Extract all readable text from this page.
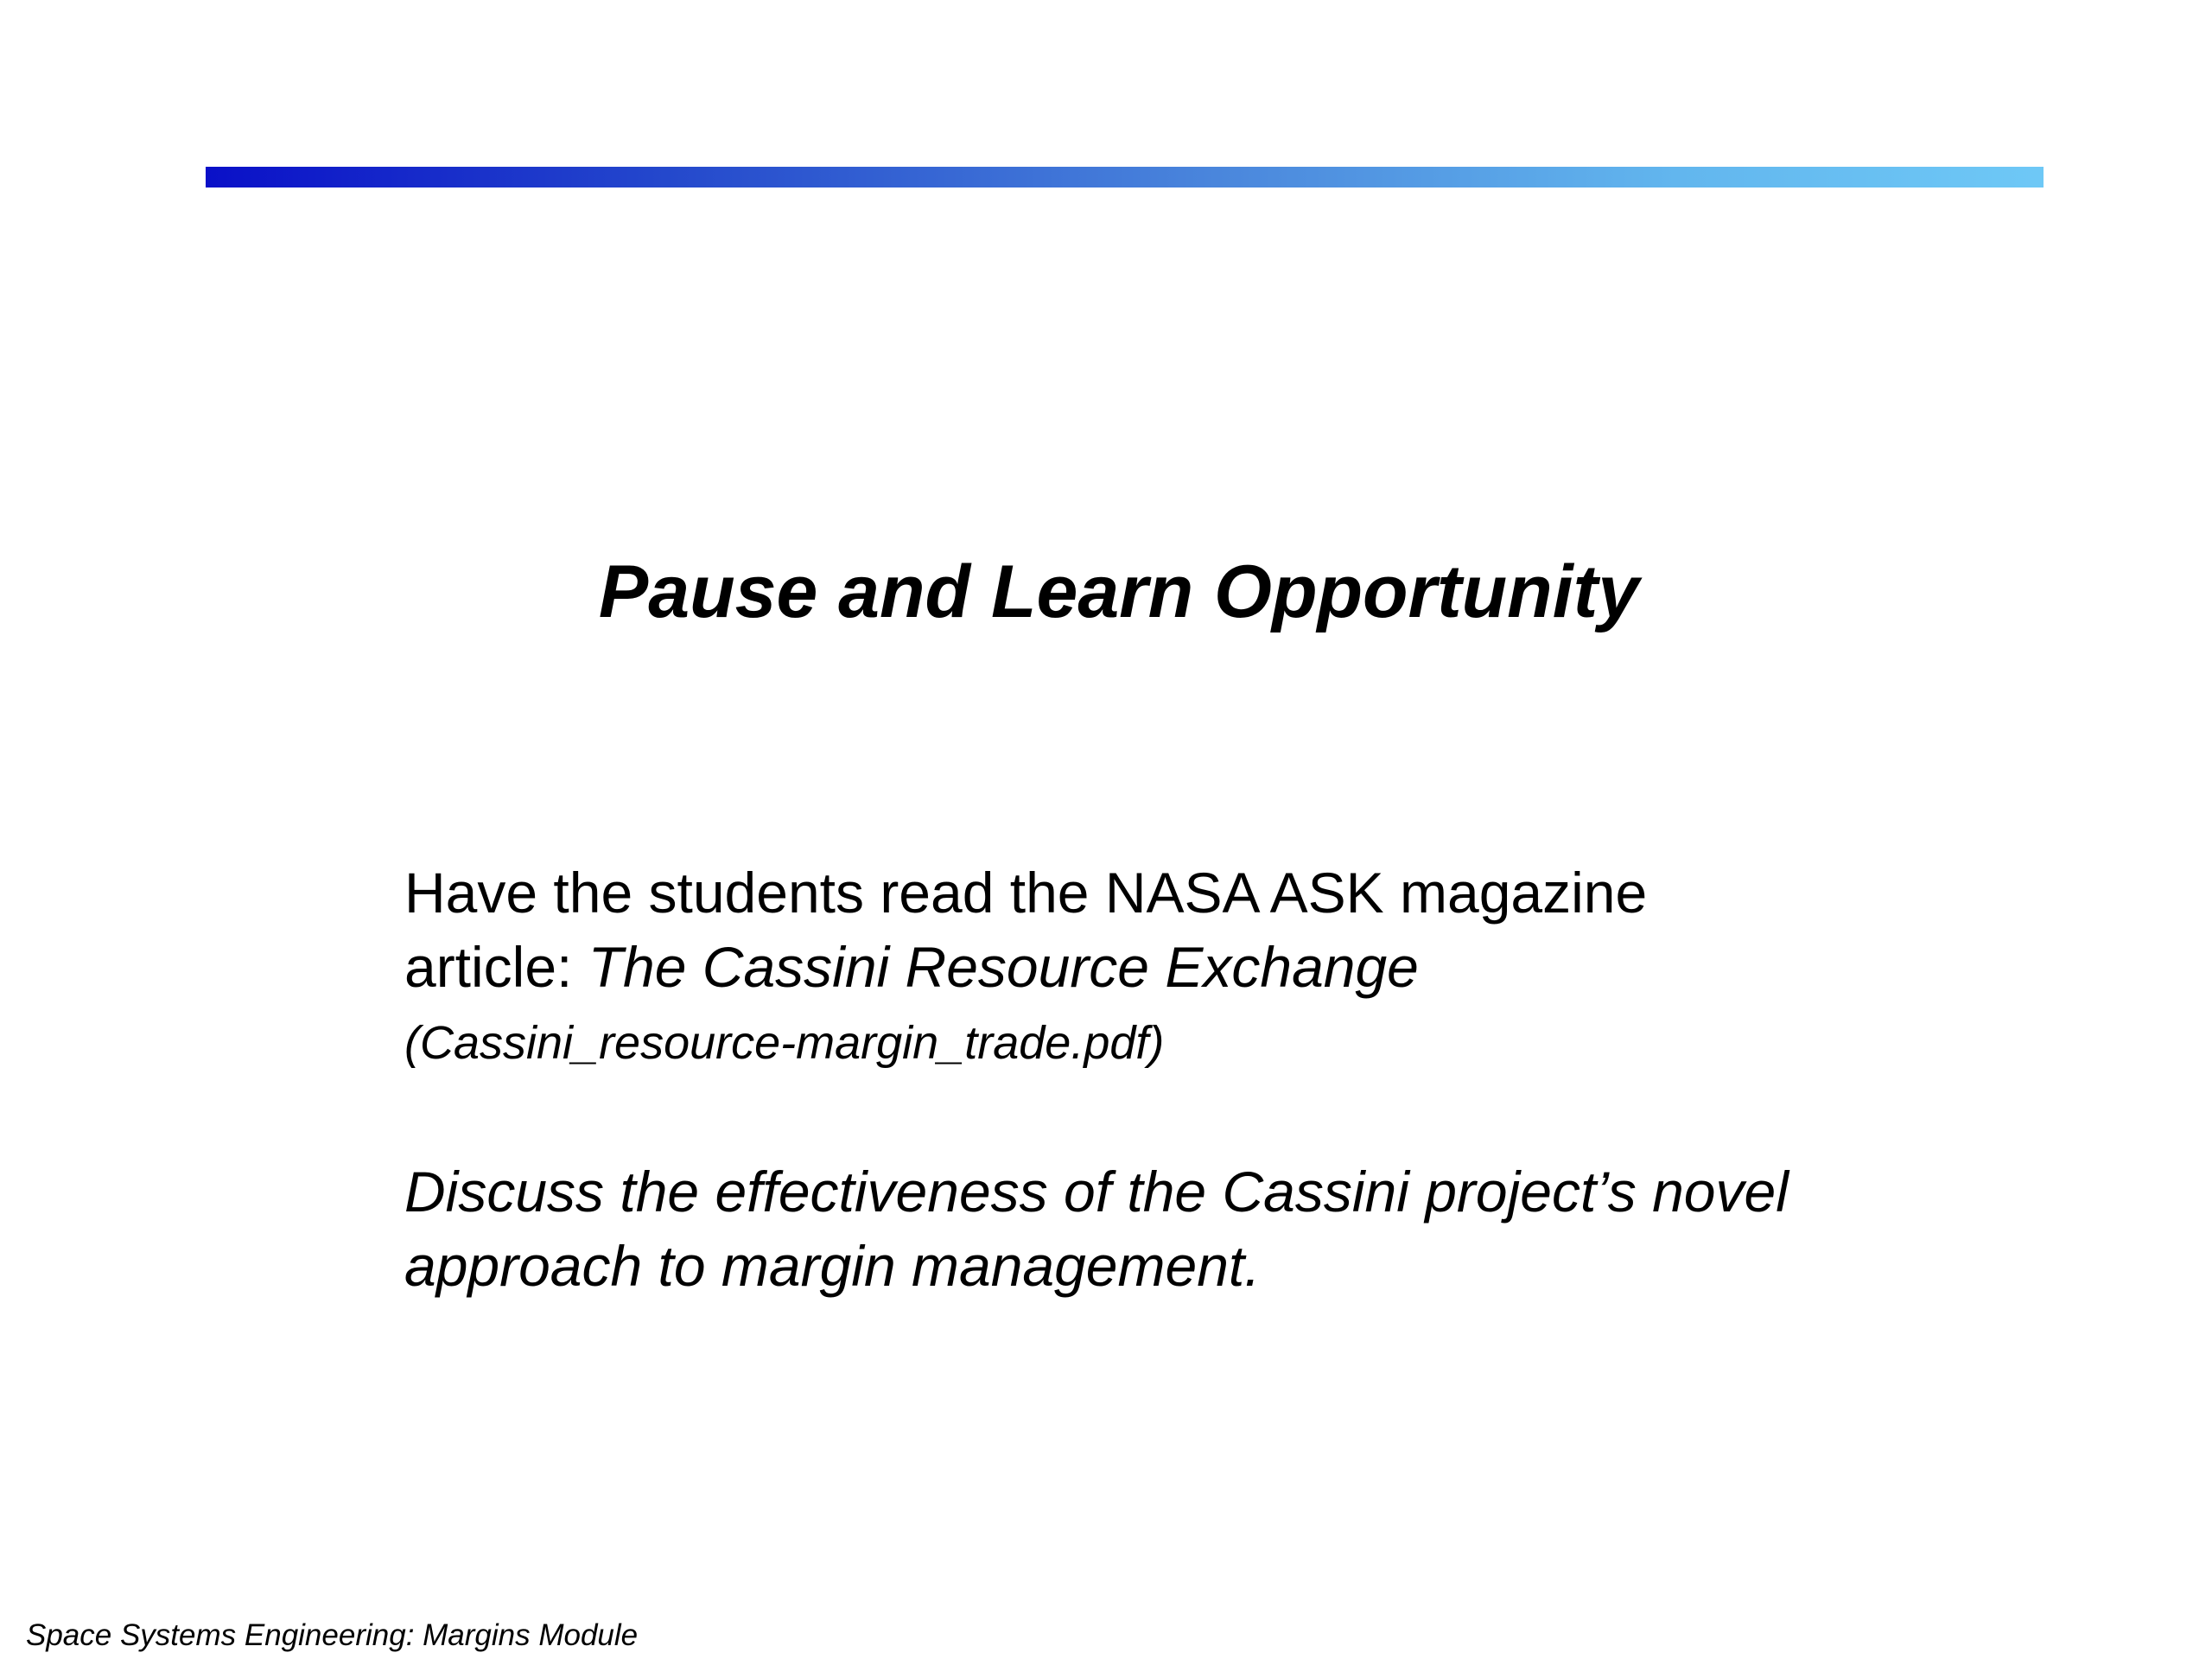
Pause and Learn Opportunity
Have the students read the NASA ASK magazine
article: The Cassini Resource Exchange
(Cassini_resource-margin_trade.pdf)
Discuss the effectiveness of the Cassini project’s novel
approach to margin management.
Space Systems Engineering: Margins Module
